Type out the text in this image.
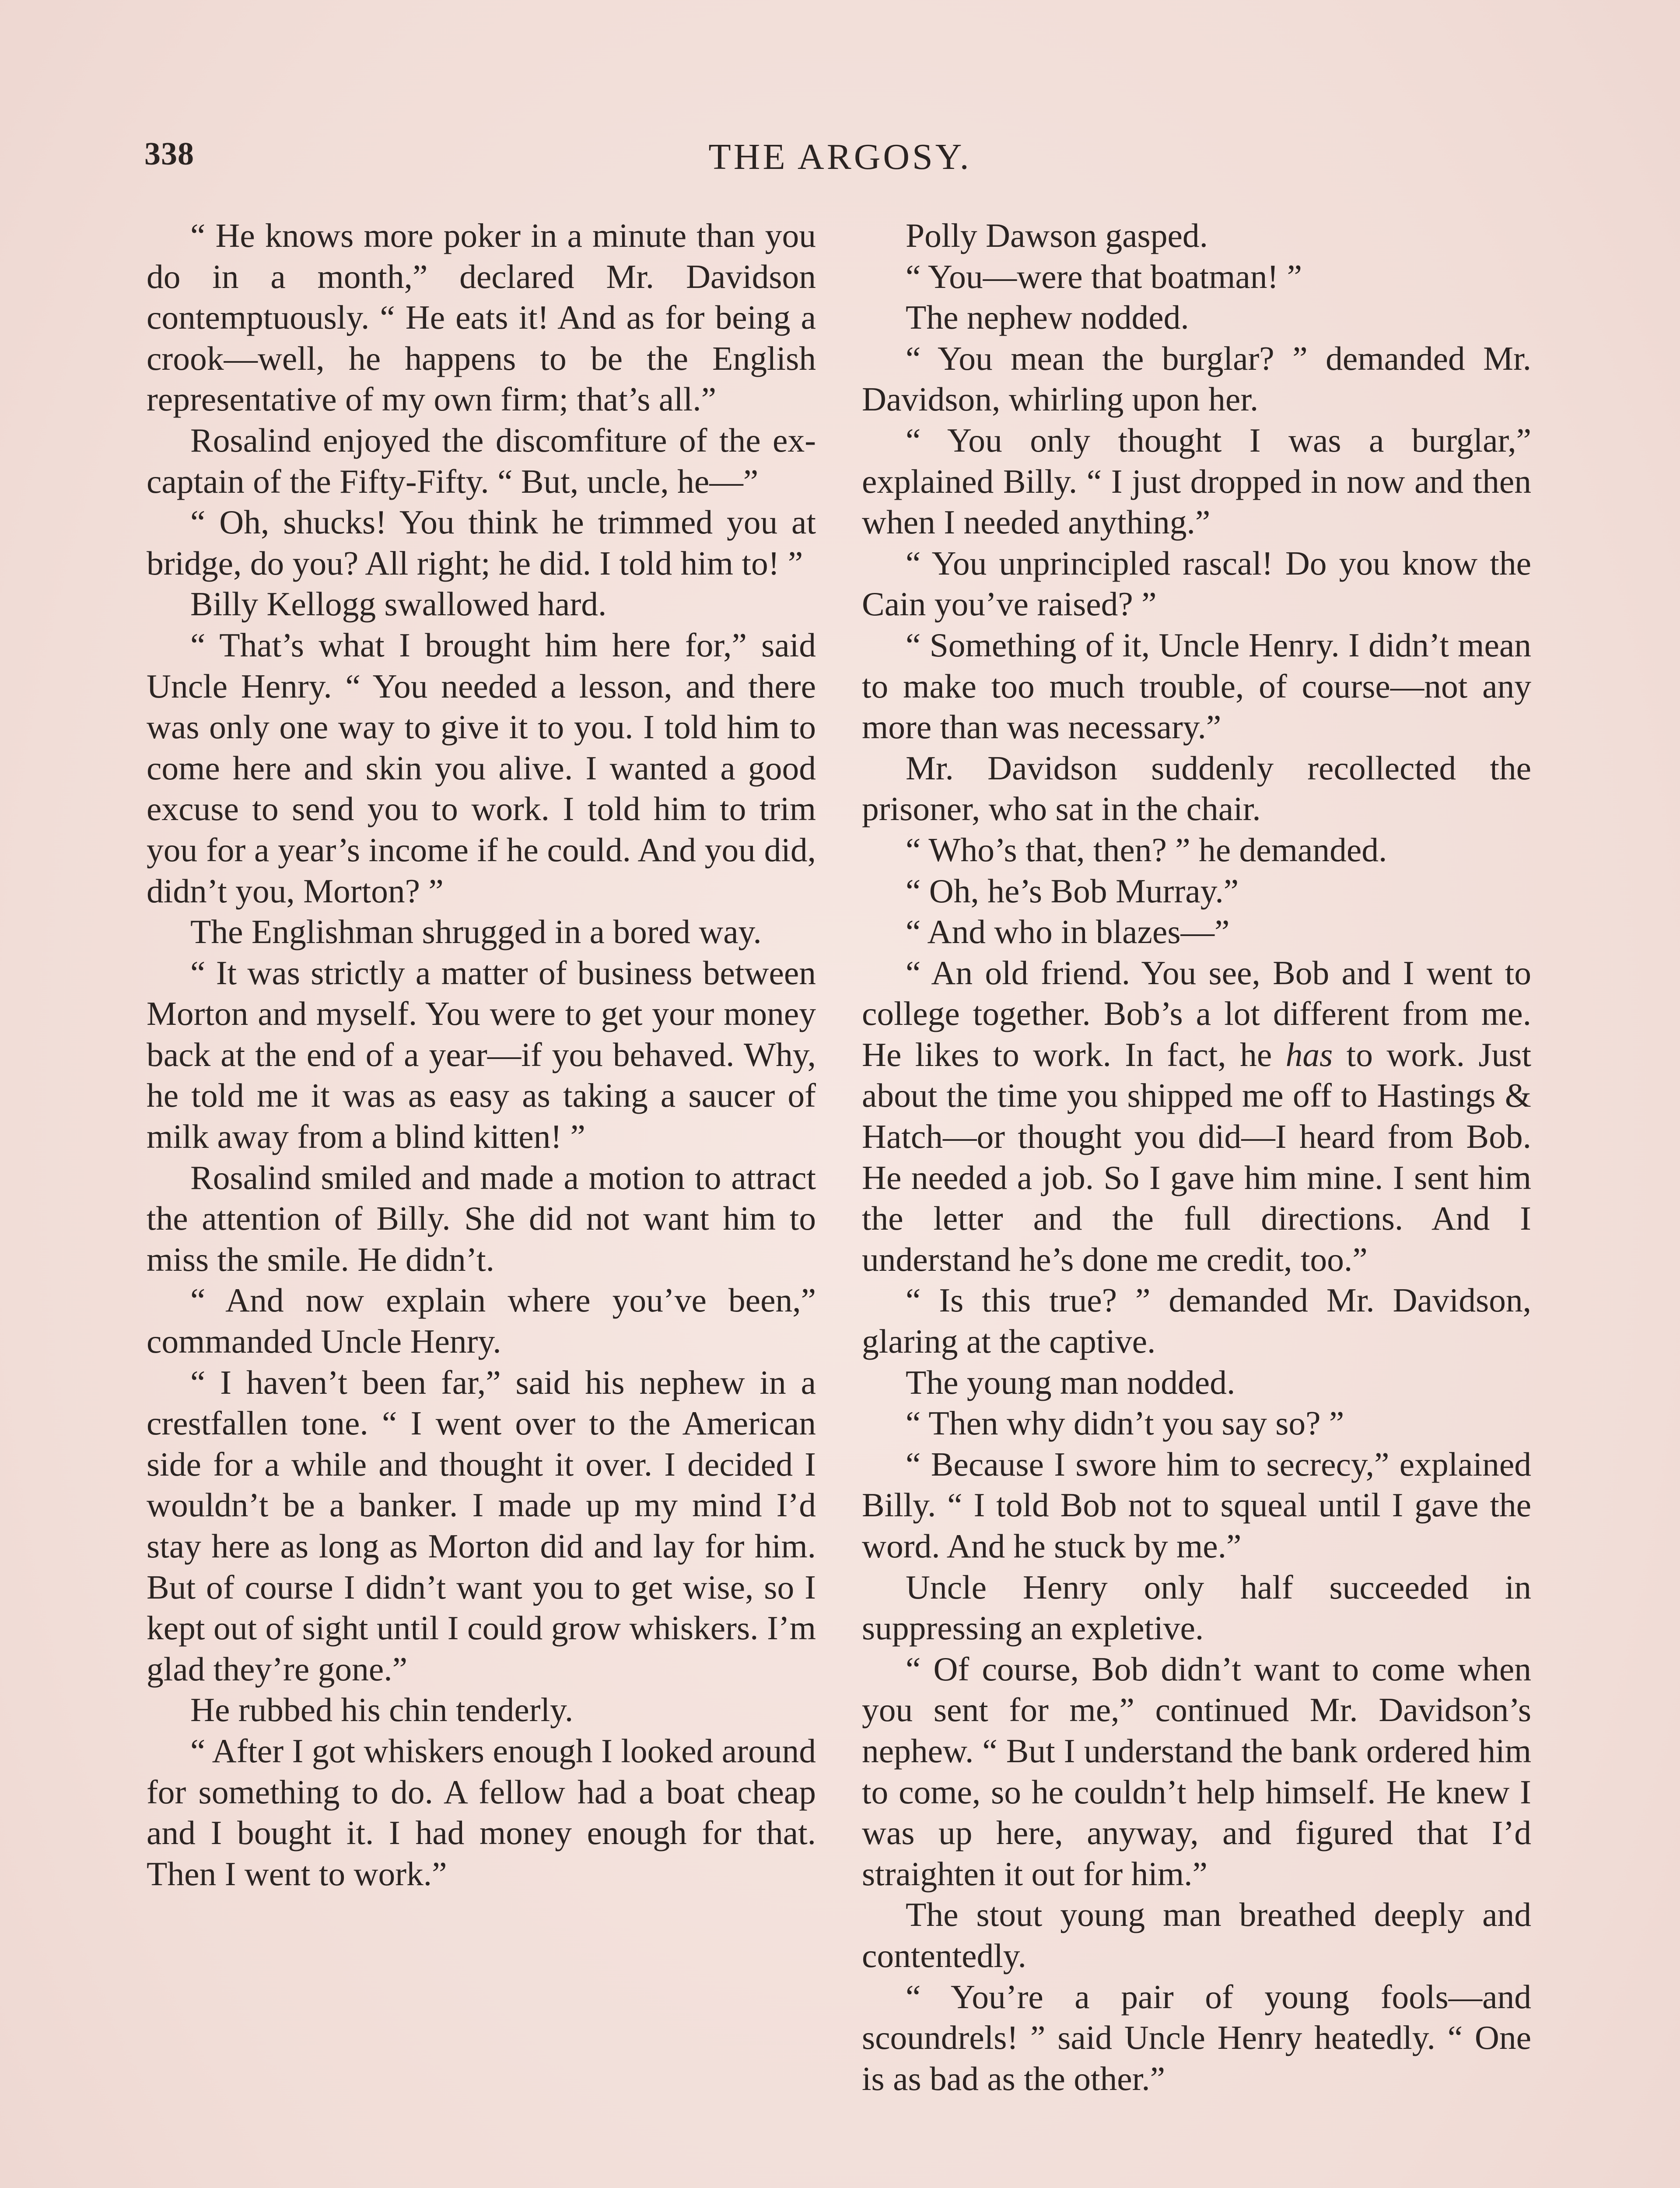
338	THE ARGOSY.

“ He knows more poker in a minute than you do in a month,” declared Mr. Davidson contemptuously. “ He eats it! And as for being a crook—well, he happens to be the English representative of my own firm; that’s all.”

Rosalind enjoyed the discomfiture of the ex-captain of the Fifty-Fifty. “ But, uncle, he—”

“ Oh, shucks! You think he trimmed you at bridge, do you? All right; he did. I told him to! ”

Billy Kellogg swallowed hard.

“ That’s what I brought him here for,” said Uncle Henry. “ You needed a lesson, and there was only one way to give it to you. I told him to come here and skin you alive. I wanted a good excuse to send you to work. I told him to trim you for a year’s income if he could. And you did, didn’t you, Morton? ”

The Englishman shrugged in a bored way.

“ It was strictly a matter of business between Morton and myself. You were to get your money back at the end of a year—if you behaved. Why, he told me it was as easy as taking a saucer of milk away from a blind kitten! ”

Rosalind smiled and made a motion to attract the attention of Billy. She did not want him to miss the smile. He didn’t.

“ And now explain where you’ve been,” commanded Uncle Henry.

“ I haven’t been far,” said his nephew in a crestfallen tone. “ I went over to the American side for a while and thought it over. I decided I wouldn’t be a banker. I made up my mind I’d stay here as long as Morton did and lay for him. But of course I didn’t want you to get wise, so I kept out of sight until I could grow whiskers. I’m glad they’re gone.”

He rubbed his chin tenderly.

“ After I got whiskers enough I looked around for something to do. A fellow had a boat cheap and I bought it. I had money enough for that. Then I went to work.”

Polly Dawson gasped.

“ You—were that boatman! ”

The nephew nodded.

“ You mean the burglar? ” demanded Mr. Davidson, whirling upon her.

“ You only thought I was a burglar,” explained Billy. “ I just dropped in now and then when I needed anything.”

“ You unprincipled rascal! Do you know the Cain you’ve raised? ”

“ Something of it, Uncle Henry. I didn’t mean to make too much trouble, of course—not any more than was necessary.”

Mr. Davidson suddenly recollected the prisoner, who sat in the chair.

“ Who’s that, then? ” he demanded.

“ Oh, he’s Bob Murray.”

“ And who in blazes—”

“ An old friend. You see, Bob and I went to college together. Bob’s a lot different from me. He likes to work. In fact, he has to work. Just about the time you shipped me off to Hastings & Hatch—or thought you did—I heard from Bob. He needed a job. So I gave him mine. I sent him the letter and the full directions. And I understand he’s done me credit, too.”

“ Is this true? ” demanded Mr. Davidson, glaring at the captive.

The young man nodded.

“ Then why didn’t you say so? ”

“ Because I swore him to secrecy,” explained Billy. “ I told Bob not to squeal until I gave the word. And he stuck by me.”

Uncle Henry only half succeeded in suppressing an expletive.

“ Of course, Bob didn’t want to come when you sent for me,” continued Mr. Davidson’s nephew. “ But I understand the bank ordered him to come, so he couldn’t help himself. He knew I was up here, anyway, and figured that I’d straighten it out for him.”

The stout young man breathed deeply and contentedly.

“ You’re a pair of young fools—and scoundrels! ” said Uncle Henry heatedly. “ One is as bad as the other.”
